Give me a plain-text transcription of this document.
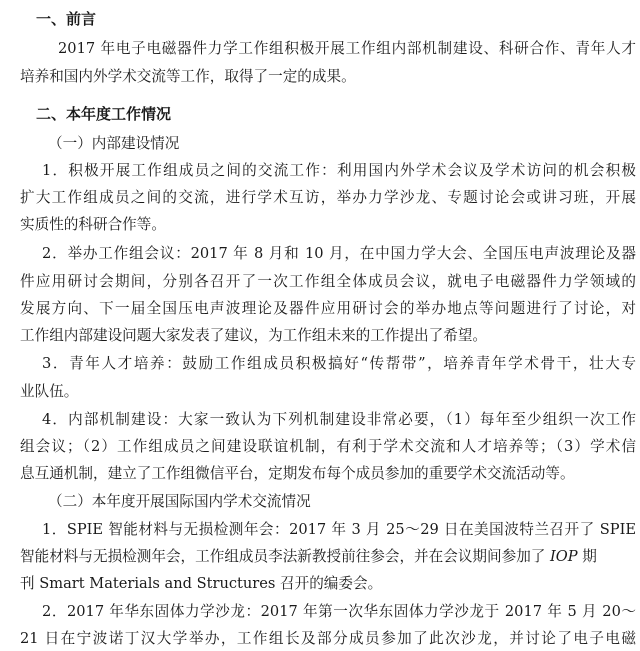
一、前言
2017 年电子电磁器件力学工作组积极开展工作组内部机制建设、科研合作、青年人才
培养和国内外学术交流等工作，取得了一定的成果。
二、本年度工作情况
（一）内部建设情况
1．积极开展工作组成员之间的交流工作：利用国内外学术会议及学术访问的机会积极
扩大工作组成员之间的交流，进行学术互访，举办力学沙龙、专题讨论会或讲习班，开展
实质性的科研合作等。
2．举办工作组会议：2017 年 8 月和 10 月，在中国力学大会、全国压电声波理论及器
件应用研讨会期间，分别各召开了一次工作组全体成员会议，就电子电磁器件力学领域的
发展方向、下一届全国压电声波理论及器件应用研讨会的举办地点等问题进行了讨论，对
工作组内部建设问题大家发表了建议，为工作组未来的工作提出了希望。
3．青年人才培养：鼓励工作组成员积极搞好“传帮带”，培养青年学术骨干，壮大专
业队伍。
4．内部机制建设：大家一致认为下列机制建设非常必要，（1）每年至少组织一次工作
组会议；（2）工作组成员之间建设联谊机制，有利于学术交流和人才培养等；（3）学术信
息互通机制，建立了工作组微信平台，定期发布每个成员参加的重要学术交流活动等。
（二）本年度开展国际国内学术交流情况
1．SPIE 智能材料与无损检测年会：2017 年 3 月 25～29 日在美国波特兰召开了 SPIE
智能材料与无损检测年会，工作组成员李法新教授前往参会，并在会议期间参加了 IOP 期
刊 Smart Materials and Structures 召开的编委会。
2．2017 年华东固体力学沙龙：2017 年第一次华东固体力学沙龙于 2017 年 5 月 20～
21 日在宁波诺丁汉大学举办，工作组长及部分成员参加了此次沙龙，并讨论了电子电磁
